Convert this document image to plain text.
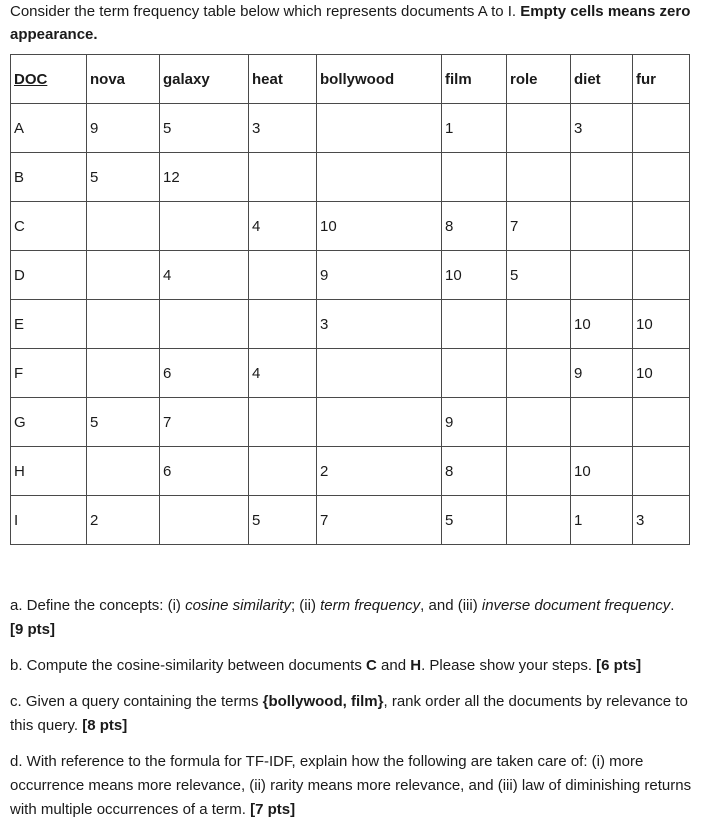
Consider the term frequency table below which represents documents A to I. Empty cells means zero appearance.
DOC	nova	galaxy	heat	bollywood	film	role	diet	fur
A	9	5	3		1		3	
B	5	12						
C			4	10	8	7		
D		4		9	10	5		
E				3			10	10
F		6	4				9	10
G	5	7			9			
H		6		2	8		10	
I	2		5	7	5		1	3

a. Define the concepts: (i) cosine similarity; (ii) term frequency, and (iii) inverse document frequency.
[9 pts]

b. Compute the cosine-similarity between documents C and H. Please show your steps. [6 pts]

c. Given a query containing the terms {bollywood, film}, rank order all the documents by relevance to this query. [8 pts]

d. With reference to the formula for TF-IDF, explain how the following are taken care of: (i) more occurrence means more relevance, (ii) rarity means more relevance, and (iii) law of diminishing returns with multiple occurrences of a term. [7 pts]
